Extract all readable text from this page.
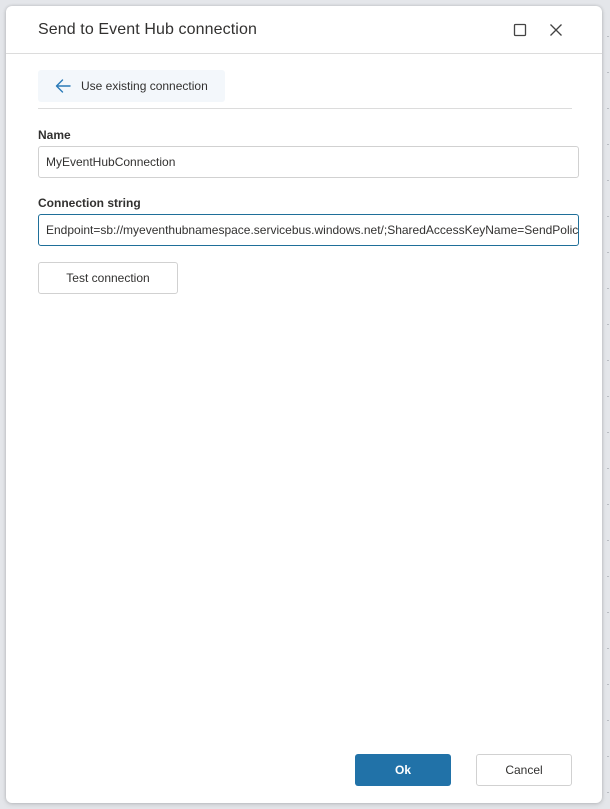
Send to Event Hub connection
Use existing connection
Name
MyEventHubConnection
Connection string
Endpoint=sb://myeventhubnamespace.servicebus.windows.net/;SharedAccessKeyName=SendPolic
Test connection
Ok	Cancel
